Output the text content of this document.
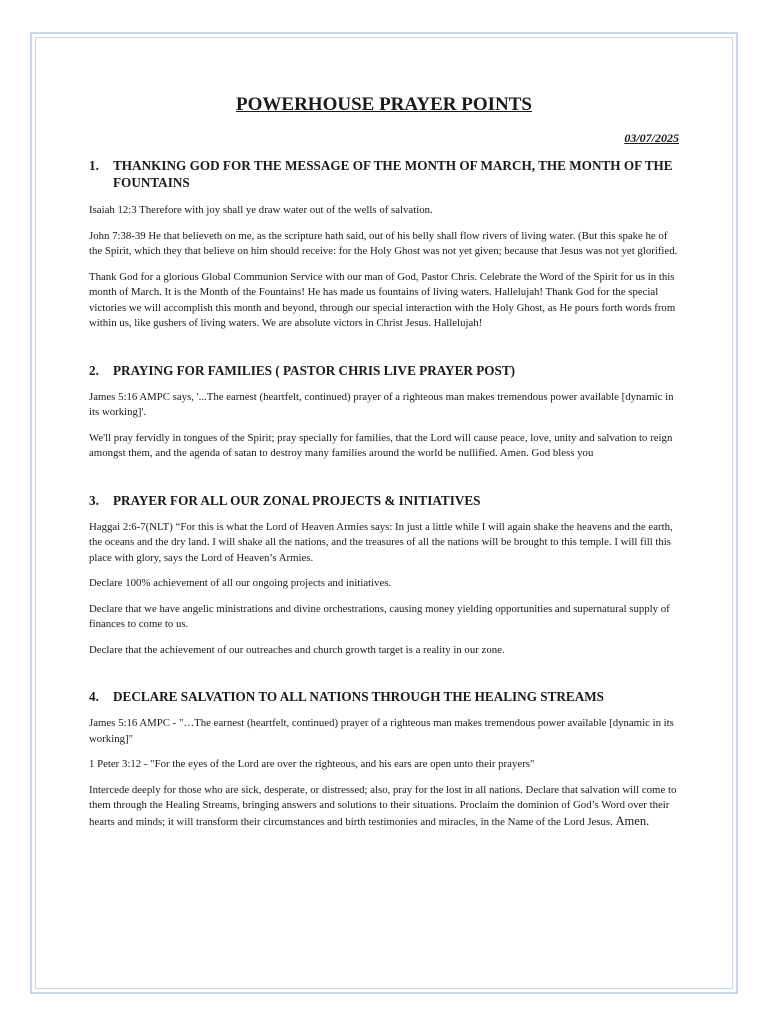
POWERHOUSE PRAYER POINTS
03/07/2025
1.	THANKING GOD FOR THE MESSAGE OF THE MONTH OF MARCH, THE MONTH OF THE FOUNTAINS

Isaiah 12:3 Therefore with joy shall ye draw water out of the wells of salvation.

John 7:38-39 He that believeth on me, as the scripture hath said, out of his belly shall flow rivers of living water. (But this spake he of the Spirit, which they that believe on him should receive: for the Holy Ghost was not yet given; because that Jesus was not yet glorified.

Thank God for a glorious Global Communion Service with our man of God, Pastor Chris. Celebrate the Word of the Spirit for us in this month of March. It is the Month of the Fountains! He has made us fountains of living waters. Hallelujah! Thank God for the special victories we will accomplish this month and beyond, through our special interaction with the Holy Ghost, as He pours forth words from within us, like gushers of living waters. We are absolute victors in Christ Jesus. Hallelujah!

2.	PRAYING FOR FAMILIES ( PASTOR CHRIS LIVE PRAYER POST)

James 5:16 AMPC says, '...The earnest (heartfelt, continued) prayer of a righteous man makes tremendous power available [dynamic in its working]'.

We'll pray fervidly in tongues of the Spirit; pray specially for families, that the Lord will cause peace, love, unity and salvation to reign amongst them, and the agenda of satan to destroy many families around the world be nullified. Amen. God bless you

3.	PRAYER FOR ALL OUR ZONAL PROJECTS & INITIATIVES

Haggai 2:6-7(NLT) “For this is what the Lord of Heaven Armies says: In just a little while I will again shake the heavens and the earth, the oceans and the dry land. I will shake all the nations, and the treasures of all the nations will be brought to this temple. I will fill this place with glory, says the Lord of Heaven’s Armies.

Declare 100% achievement of all our ongoing projects and initiatives.

Declare that we have angelic ministrations and divine orchestrations, causing money yielding opportunities and supernatural supply of finances to come to us.

Declare that the achievement of our outreaches and church growth target is a reality in our zone.

4.	DECLARE SALVATION TO ALL NATIONS THROUGH THE HEALING STREAMS

James 5:16 AMPC - "…The earnest (heartfelt, continued) prayer of a righteous man makes tremendous power available [dynamic in its working]"

1 Peter 3:12 - "For the eyes of the Lord are over the righteous, and his ears are open unto their prayers"

Intercede deeply for those who are sick, desperate, or distressed; also, pray for the lost in all nations. Declare that salvation will come to them through the Healing Streams, bringing answers and solutions to their situations. Proclaim the dominion of God’s Word over their hearts and minds; it will transform their circumstances and birth testimonies and miracles, in the Name of the Lord Jesus. Amen.
